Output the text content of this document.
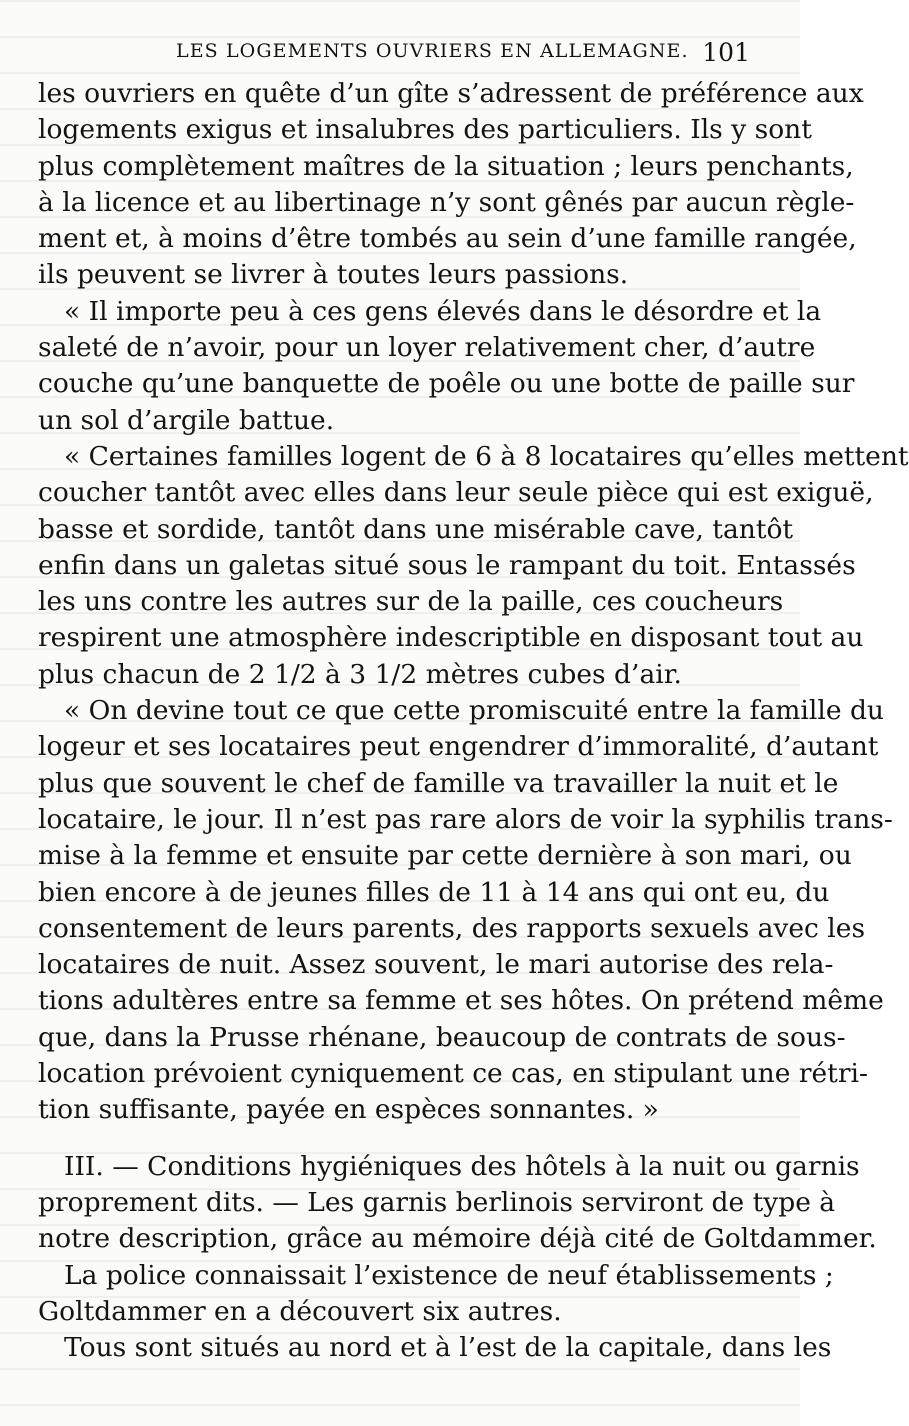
LES LOGEMENTS OUVRIERS EN ALLEMAGNE. 101
les ouvriers en quête d’un gîte s’adressent de préférence aux
logements exigus et insalubres des particuliers. Ils y sont
plus complètement maîtres de la situation ; leurs penchants,
à la licence et au libertinage n’y sont gênés par aucun règle-
ment et, à moins d’être tombés au sein d’une famille rangée,
ils peuvent se livrer à toutes leurs passions.
« Il importe peu à ces gens élevés dans le désordre et la
saleté de n’avoir, pour un loyer relativement cher, d’autre
couche qu’une banquette de poêle ou une botte de paille sur
un sol d’argile battue.
« Certaines familles logent de 6 à 8 locataires qu’elles mettent
coucher tantôt avec elles dans leur seule pièce qui est exiguë,
basse et sordide, tantôt dans une misérable cave, tantôt
enfin dans un galetas situé sous le rampant du toit. Entassés
les uns contre les autres sur de la paille, ces coucheurs
respirent une atmosphère indescriptible en disposant tout au
plus chacun de 2 1/2 à 3 1/2 mètres cubes d’air.
« On devine tout ce que cette promiscuité entre la famille du
logeur et ses locataires peut engendrer d’immoralité, d’autant
plus que souvent le chef de famille va travailler la nuit et le
locataire, le jour. Il n’est pas rare alors de voir la syphilis trans-
mise à la femme et ensuite par cette dernière à son mari, ou
bien encore à de jeunes filles de 11 à 14 ans qui ont eu, du
consentement de leurs parents, des rapports sexuels avec les
locataires de nuit. Assez souvent, le mari autorise des rela-
tions adultères entre sa femme et ses hôtes. On prétend même
que, dans la Prusse rhénane, beaucoup de contrats de sous-
location prévoient cyniquement ce cas, en stipulant une rétri-
tion suffisante, payée en espèces sonnantes. »
III. — Conditions hygiéniques des hôtels à la nuit ou garnis
proprement dits. — Les garnis berlinois serviront de type à
notre description, grâce au mémoire déjà cité de Goltdammer.
La police connaissait l’existence de neuf établissements ;
Goltdammer en a découvert six autres.
Tous sont situés au nord et à l’est de la capitale, dans les
